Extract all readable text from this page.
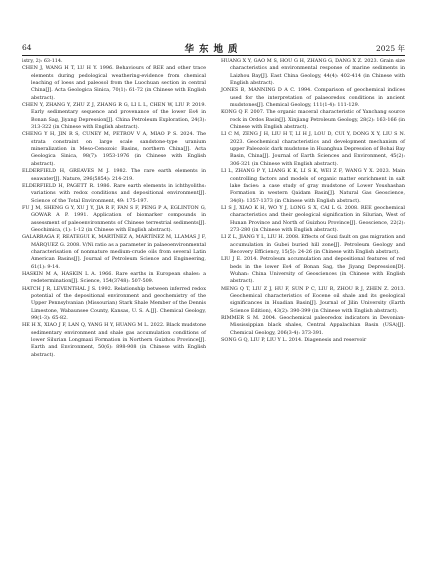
64	华东地质	2025 年

istry, 2): 63-114.

CHEN J, WANG H T, LU H Y. 1996. Behaviours of REE and other trace elements during pedological weathering-evidence from chemical leaching of loess and paleosol from the Luochuan section in central China[J]. Acta Geologica Sinica, 70(1): 61-72 (in Chinese with English abstract).

CHEN Y, ZHANG Y, ZHU Z J, ZHANG R G, LI L L, CHEN W, LIU P. 2019. Early sedimentary sequence and provenance of the lower Es4 in Bonan Sag, Jiyang Depression[J]. China Petroleum Exploration, 24(3): 313-322 (in Chinese with English abstract).

CHENG Y H, JIN R S, CUNEY M, PETROV V A, MIAO P S. 2024. The strata constraint on large scale sandstone-type uranium mineralization in Meso-Cenozoic Basins, northern China[J]. Acta Geologica Sinica, 98(7): 1953-1976 (in Chinese with English abstract).

ELDERFIELD H, GREAVES M J. 1982. The rare earth elements in seawater[J]. Nature, 296(5854): 214-219.

ELDERFIELD H, PAGETT R. 1986. Rare earth elements in ichthyoliths: variations with redox conditions and depositional environment[J]. Science of the Total Environment, 49: 175-197.

FU J M, SHENG G Y, XU J Y, JIA R F, FAN S F, PENG P A, EGLINTON G, GOWAR A P. 1991. Application of biomarker compounds in assessment of paleoenvironments of Chinese terrestrial sediments[J]. Geochimica, (1): 1-12 (in Chinese with English abstract).

GALARRAGA F, REATEGUI K, MARTÍNEZ A, MARTÍNEZ M, LLAMAS J F, MÁRQUEZ G. 2008. V/Ni ratio as a parameter in palaeoenvironmental characterisation of nonmature medium-crude oils from several Latin American Basins[J]. Journal of Petroleum Science and Engineering, 61(1): 9-14.

HASKIN M A, HASKIN L A. 1966. Rare earths in European shales: a redetermination[J]. Science, 154(3748): 507-509.

HATCH J R, LEVENTHAL J S. 1992. Relationship between inferred redox potential of the depositional environment and geochemistry of the Upper Pennsylvanian (Missourian) Stark Shale Member of the Dennis Limestone, Wabaunsee County, Kansas, U. S. A.[J]. Chemical Geology, 99(1-3): 65-82.

HE H X, XIAO J F, LAN Q, YANG H Y, HUANG M L. 2022. Black mudstone sedimentary environment and shale gas accumulation conditions of lower Silurian Longmaxi Formation in Northern Guizhou Province[J]. Earth and Environment, 50(6): 898-908 (in Chinese with English abstract).

HUANG X Y, GAO M S, HOU G H, ZHANG G, DANG X Z. 2023. Grain size characteristics and environmental response of marine sediments in Laizhou Bay[J]. East China Geology, 44(4): 402-414 (in Chinese with English abstract).

JONES B, MANNING D A C. 1994. Comparison of geochemical indices used for the interpretation of palaeoredox conditions in ancient mudstones[J]. Chemical Geology, 111(1-4): 111-129.

KONG Q F. 2007. The organic maceral characteristic of Yanchang source rock in Ordos Basin[J]. Xinjiang Petroleum Geology, 28(2): 163-166 (in Chinese with English abstract).

LI C M, ZENG J H, LIU H T, LI H J, LOU D, CUI Y, DONG X Y, LIU S N. 2023. Geochemical characteristics and development mechanism of upper Paleozoic dark mudstone in Huanghua Depression of Bohai Bay Basin, China[J]. Journal of Earth Sciences and Environment, 45(2): 306-321 (in Chinese with English abstract).

LI L, ZHANG P Y, LIANG K K, LI S K, WEI Z F, WANG Y X. 2023. Main controlling factors and models of organic matter enrichment in salt lake facies: a case study of gray mudstone of Lower Youshashan Formation in western Qaidam Basin[J]. Natural Gas Geoscience, 34(8): 1357-1373 (in Chinese with English abstract).

LI S J, XIAO K H, WO Y J, LONG S X, CAI L G. 2008. REE geochemical characteristics and their geological signification in Silurian, West of Hunan Province and North of Guizhou Province[J]. Geoscience, 22(2): 273-280 (in Chinese with English abstract).

LI Z L, JIANG Y L, LIU H. 2008. Effects of Guxi fault on gas migration and accumulation in Gubei buried hill zone[J]. Petroleum Geology and Recovery Efficiency, 15(5): 24-26 (in Chinese with English abstract).

LIU J E. 2014. Petroleum accumulation and depositional features of red beds in the lower Es4 of Bonan Sag, the Jiyang Depression[D]. Wuhan: China University of Geosciences (in Chinese with English abstract).

MENG Q T, LIU Z J, HU F, SUN P C, LIU R, ZHOU R J, ZHEN Z. 2013. Geochemical characteristics of Eocene oil shale and its geological significances in Huadian Basin[J]. Journal of Jilin University (Earth Science Edition), 43(2): 390-399 (in Chinese with English abstract).

RIMMER S M. 2004. Geochemical paleoredox indicators in Devonian-Mississippian black shales, Central Appalachian Basin (USA)[J]. Chemical Geology, 206(3-4): 373-391.

SONG G Q, LIU P, LIU Y L. 2014. Diagenesis and reservoir
